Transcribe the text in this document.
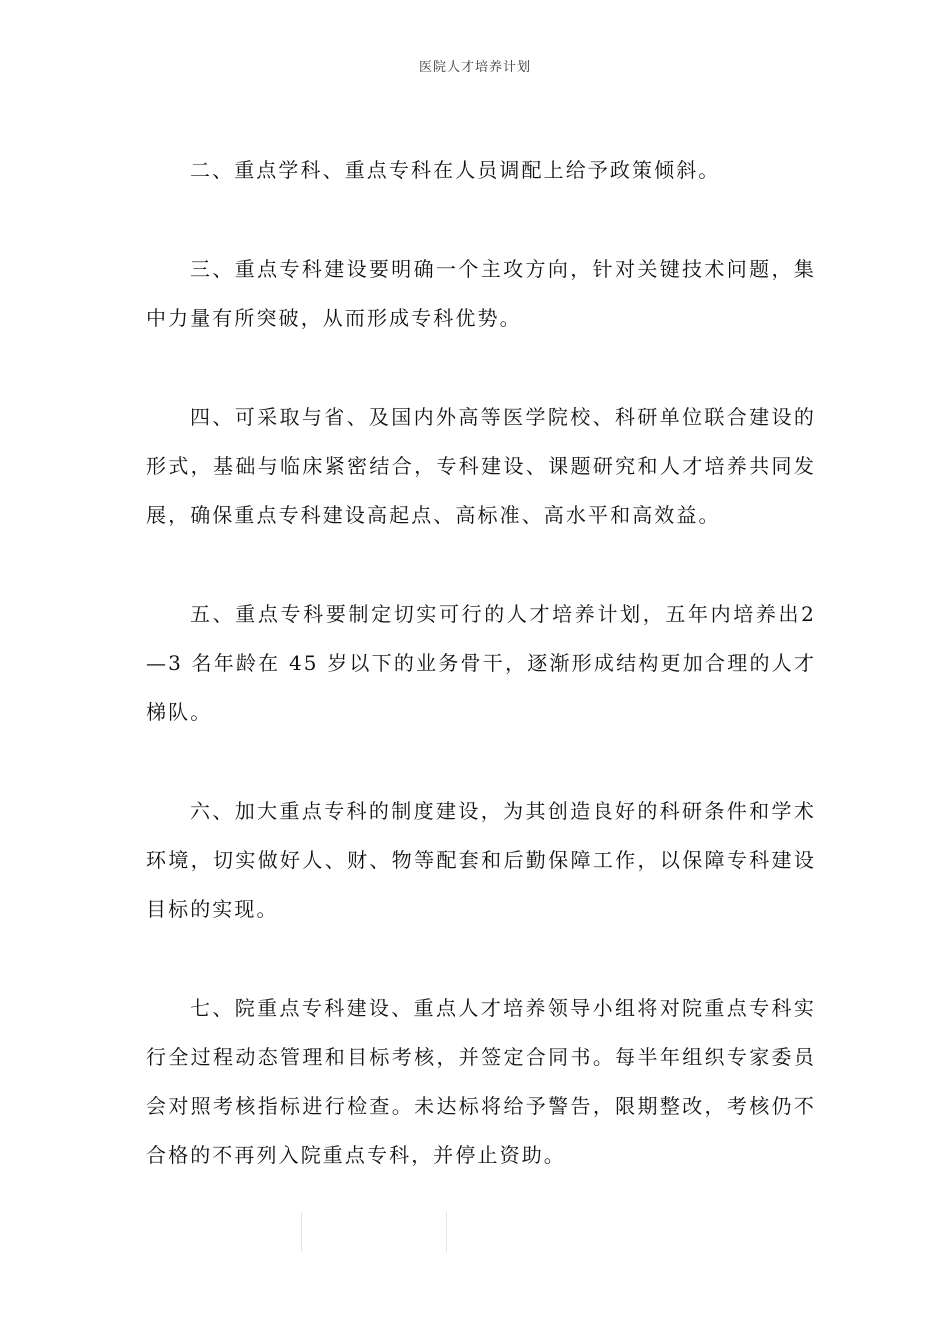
医院人才培养计划

二、重点学科、重点专科在人员调配上给予政策倾斜。

三、重点专科建设要明确一个主攻方向，针对关键技术问题，集中力量有所突破，从而形成专科优势。

四、可采取与省、及国内外高等医学院校、科研单位联合建设的形式，基础与临床紧密结合，专科建设、课题研究和人才培养共同发展，确保重点专科建设高起点、高标准、高水平和高效益。

五、重点专科要制定切实可行的人才培养计划，五年内培养出2—3 名年龄在 45 岁以下的业务骨干，逐渐形成结构更加合理的人才梯队。

六、加大重点专科的制度建设，为其创造良好的科研条件和学术环境，切实做好人、财、物等配套和后勤保障工作，以保障专科建设目标的实现。

七、院重点专科建设、重点人才培养领导小组将对院重点专科实行全过程动态管理和目标考核，并签定合同书。每半年组织专家委员会对照考核指标进行检查。未达标将给予警告，限期整改，考核仍不合格的不再列入院重点专科，并停止资助。
